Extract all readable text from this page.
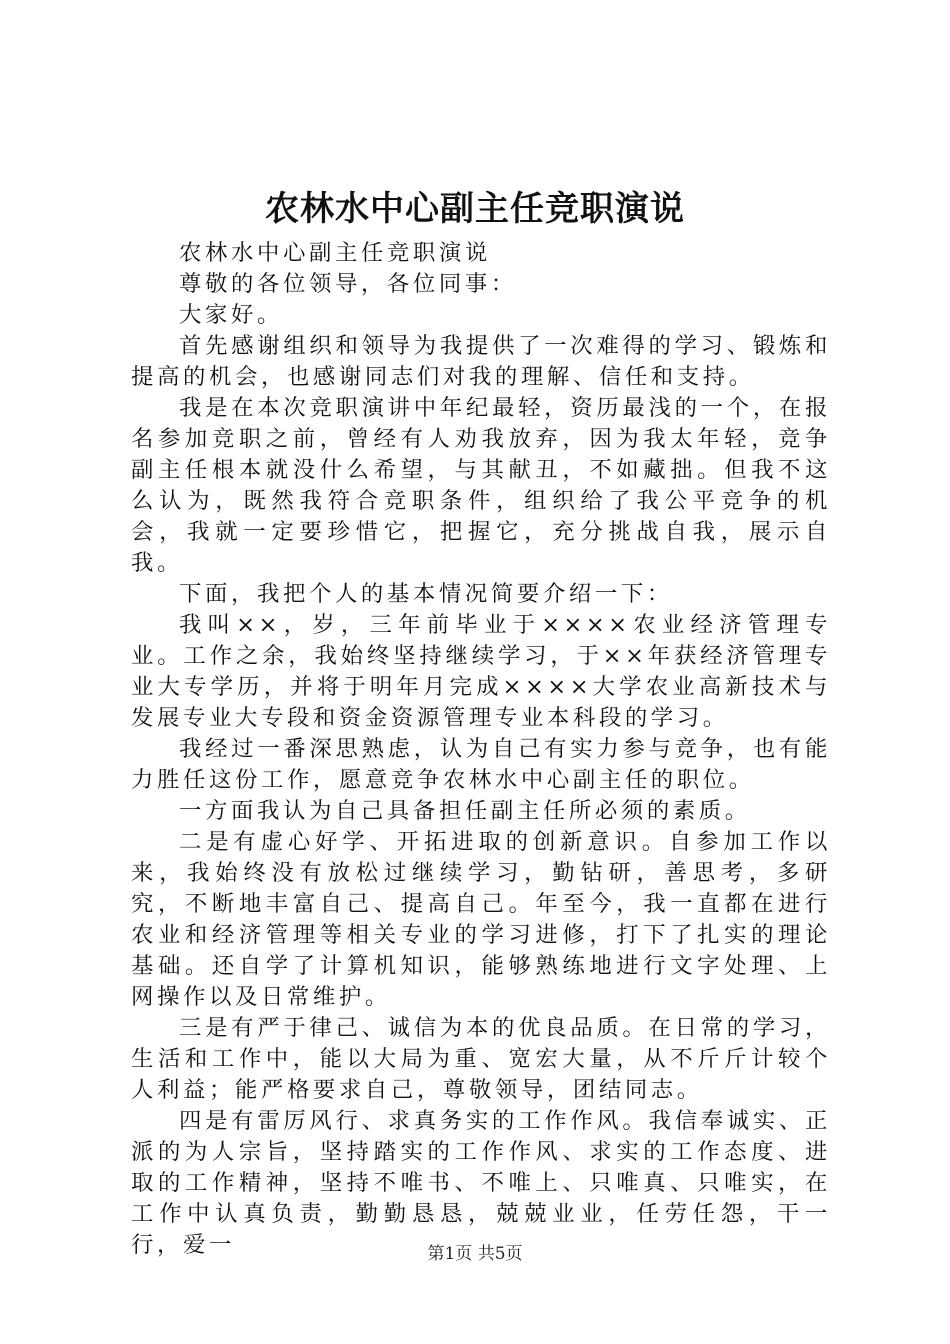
农林水中心副主任竞职演说

农林水中心副主任竞职演说

尊敬的各位领导，各位同事：

大家好。

首先感谢组织和领导为我提供了一次难得的学习、锻炼和提高的机会，也感谢同志们对我的理解、信任和支持。

我是在本次竞职演讲中年纪最轻，资历最浅的一个，在报名参加竞职之前，曾经有人劝我放弃，因为我太年轻，竞争副主任根本就没什么希望，与其献丑，不如藏拙。但我不这么认为，既然我符合竞职条件，组织给了我公平竞争的机会，我就一定要珍惜它，把握它，充分挑战自我，展示自我。

下面，我把个人的基本情况简要介绍一下：

我叫××，岁，三年前毕业于××××农业经济管理专业。工作之余，我始终坚持继续学习，于××年获经济管理专业大专学历，并将于明年月完成××××大学农业高新技术与发展专业大专段和资金资源管理专业本科段的学习。

我经过一番深思熟虑，认为自己有实力参与竞争，也有能力胜任这份工作，愿意竞争农林水中心副主任的职位。

一方面我认为自己具备担任副主任所必须的素质。

二是有虚心好学、开拓进取的创新意识。自参加工作以来，我始终没有放松过继续学习，勤钻研，善思考，多研究，不断地丰富自己、提高自己。年至今，我一直都在进行农业和经济管理等相关专业的学习进修，打下了扎实的理论基础。还自学了计算机知识，能够熟练地进行文字处理、上网操作以及日常维护。

三是有严于律己、诚信为本的优良品质。在日常的学习，生活和工作中，能以大局为重、宽宏大量，从不斤斤计较个人利益；能严格要求自己，尊敬领导，团结同志。

四是有雷厉风行、求真务实的工作作风。我信奉诚实、正派的为人宗旨，坚持踏实的工作作风、求实的工作态度、进取的工作精神，坚持不唯书、不唯上、只唯真、只唯实，在工作中认真负责，勤勤恳恳，兢兢业业，任劳任怨，干一行，爱一	第1页 共5页
